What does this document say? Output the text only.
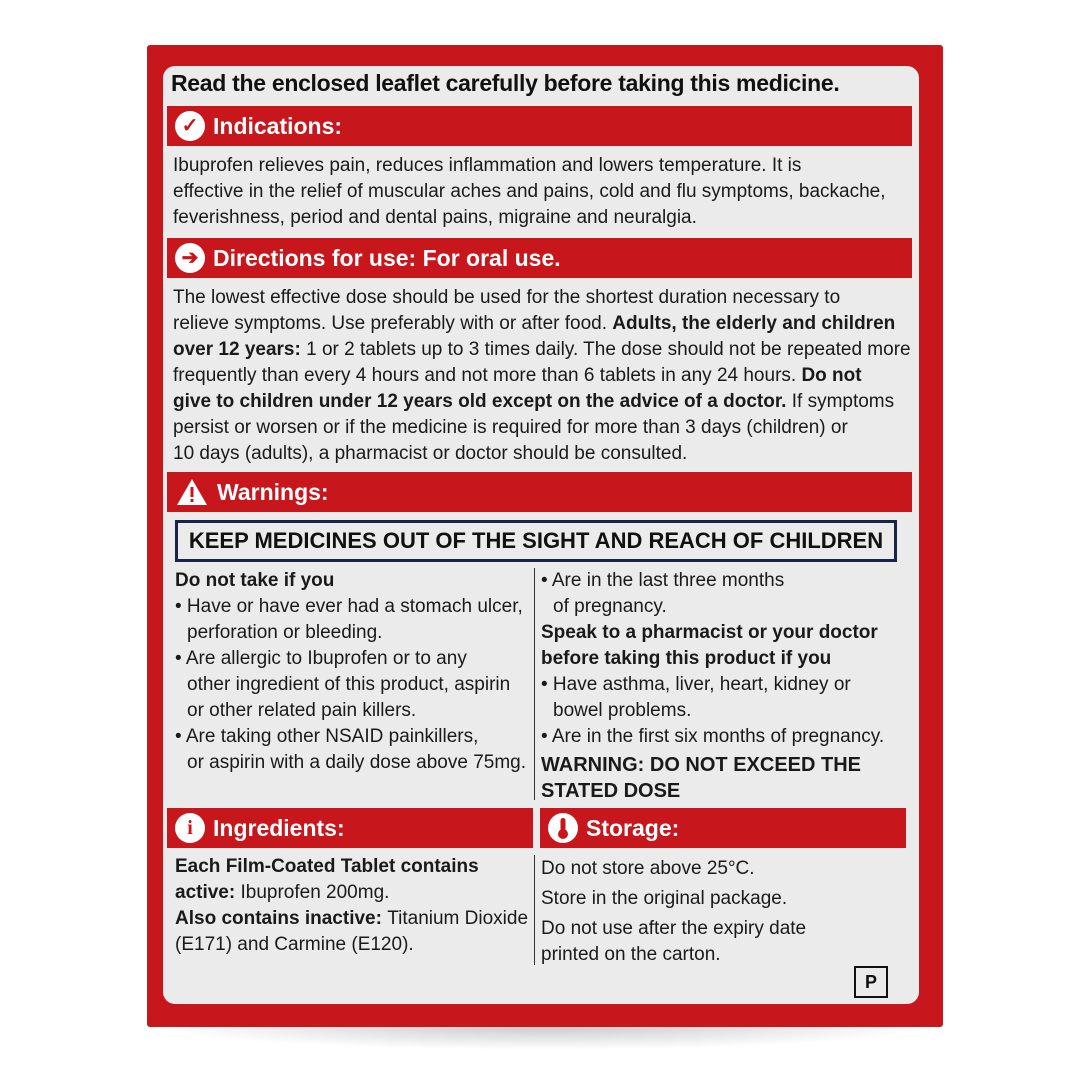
Read the enclosed leaflet carefully before taking this medicine.
✓ Indications:
Ibuprofen relieves pain, reduces inflammation and lowers temperature. It is
effective in the relief of muscular aches and pains, cold and flu symptoms, backache,
feverishness, period and dental pains, migraine and neuralgia.
➔ Directions for use: For oral use.
The lowest effective dose should be used for the shortest duration necessary to
relieve symptoms. Use preferably with or after food. Adults, the elderly and children
over 12 years: 1 or 2 tablets up to 3 times daily. The dose should not be repeated more
frequently than every 4 hours and not more than 6 tablets in any 24 hours. Do not
give to children under 12 years old except on the advice of a doctor. If symptoms
persist or worsen or if the medicine is required for more than 3 days (children) or
10 days (adults), a pharmacist or doctor should be consulted.
Warnings:
KEEP MEDICINES OUT OF THE SIGHT AND REACH OF CHILDREN
Do not take if you
• Have or have ever had a stomach ulcer,
perforation or bleeding.
• Are allergic to Ibuprofen or to any
other ingredient of this product, aspirin
or other related pain killers.
• Are taking other NSAID painkillers,
or aspirin with a daily dose above 75mg.
• Are in the last three months
of pregnancy.
Speak to a pharmacist or your doctor
before taking this product if you
• Have asthma, liver, heart, kidney or
bowel problems.
• Are in the first six months of pregnancy.
WARNING: DO NOT EXCEED THE
STATED DOSE
i Ingredients:
Each Film-Coated Tablet contains
active: Ibuprofen 200mg.
Also contains inactive: Titanium Dioxide
(E171) and Carmine (E120).
Storage:
Do not store above 25°C.
Store in the original package.
Do not use after the expiry date
printed on the carton.
P
